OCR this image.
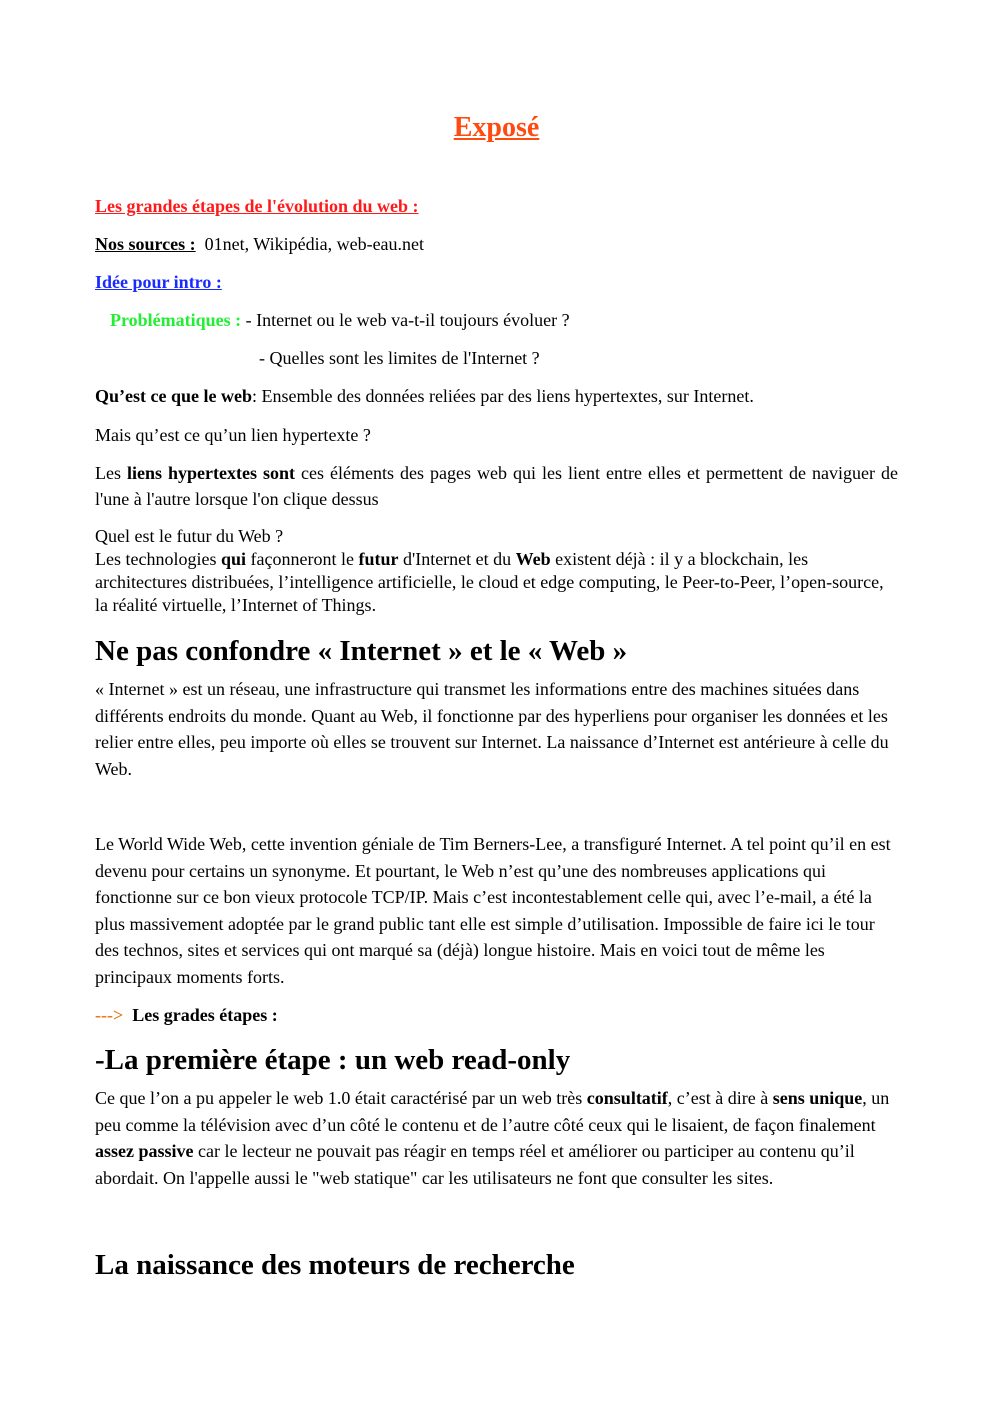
Exposé

Les grandes étapes de l'évolution du web :

Nos sources : 01net, Wikipédia, web-eau.net

Idée pour intro :

Problématiques : - Internet ou le web va-t-il toujours évoluer ?

- Quelles sont les limites de l'Internet ?

Qu’est ce que le web: Ensemble des données reliées par des liens hypertextes, sur Internet.

Mais qu’est ce qu’un lien hypertexte ?

Les liens hypertextes sont ces éléments des pages web qui les lient entre elles et permettent de naviguer de l'une à l'autre lorsque l'on clique dessus

Quel est le futur du Web ?

Les technologies qui façonneront le futur d'Internet et du Web existent déjà : il y a blockchain, les architectures distribuées, l’intelligence artificielle, le cloud et edge computing, le Peer-to-Peer, l’open-source, la réalité virtuelle, l’Internet of Things.

Ne pas confondre « Internet » et le « Web »

« Internet » est un réseau, une infrastructure qui transmet les informations entre des machines situées dans différents endroits du monde. Quant au Web, il fonctionne par des hyperliens pour organiser les données et les relier entre elles, peu importe où elles se trouvent sur Internet. La naissance d’Internet est antérieure à celle du Web.

Le World Wide Web, cette invention géniale de Tim Berners-Lee, a transfiguré Internet. A tel point qu’il en est devenu pour certains un synonyme. Et pourtant, le Web n’est qu’une des nombreuses applications qui fonctionne sur ce bon vieux protocole TCP/IP. Mais c’est incontestablement celle qui, avec l’e-mail, a été la plus massivement adoptée par le grand public tant elle est simple d’utilisation. Impossible de faire ici le tour des technos, sites et services qui ont marqué sa (déjà) longue histoire. Mais en voici tout de même les principaux moments forts.

---> Les grades étapes :

-La première étape : un web read-only

Ce que l’on a pu appeler le web 1.0 était caractérisé par un web très consultatif, c’est à dire à sens unique, un peu comme la télévision avec d’un côté le contenu et de l’autre côté ceux qui le lisaient, de façon finalement assez passive car le lecteur ne pouvait pas réagir en temps réel et améliorer ou participer au contenu qu’il abordait. On l'appelle aussi le "web statique" car les utilisateurs ne font que consulter les sites.

La naissance des moteurs de recherche
